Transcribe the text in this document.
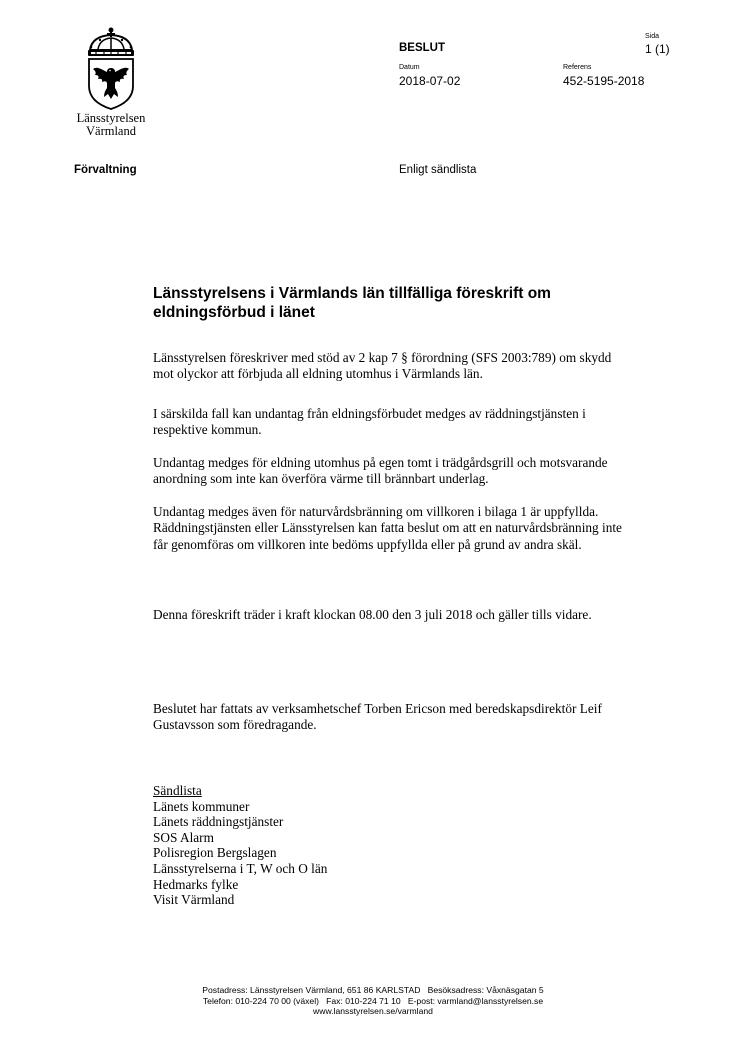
Länsstyrelsen
Värmland
Sida
1 (1)
BESLUT
Datum
2018-07-02
Referens
452-5195-2018
Förvaltning	Enligt sändlista
Länsstyrelsens i Värmlands län tillfälliga föreskrift om
eldningsförbud i länet

Länsstyrelsen föreskriver med stöd av 2 kap 7 § förordning (SFS 2003:789) om skydd mot olyckor att förbjuda all eldning utomhus i Värmlands län.

I särskilda fall kan undantag från eldningsförbudet medges av räddningstjänsten i respektive kommun.

Undantag medges för eldning utomhus på egen tomt i trädgårdsgrill och motsvarande anordning som inte kan överföra värme till brännbart underlag.

Undantag medges även för naturvårdsbränning om villkoren i bilaga 1 är uppfyllda. Räddningstjänsten eller Länsstyrelsen kan fatta beslut om att en naturvårdsbränning inte får genomföras om villkoren inte bedöms uppfyllda eller på grund av andra skäl.

Denna föreskrift träder i kraft klockan 08.00 den 3 juli 2018 och gäller tills vidare.

Beslutet har fattats av verksamhetschef Torben Ericson med beredskapsdirektör Leif Gustavsson som föredragande.

Sändlista
Länets kommuner
Länets räddningstjänster
SOS Alarm
Polisregion Bergslagen
Länsstyrelserna i T, W och O län
Hedmarks fylke
Visit Värmland
Postadress: Länsstyrelsen Värmland, 651 86 KARLSTAD   Besöksadress: Våxnäsgatan 5
Telefon: 010-224 70 00 (växel)   Fax: 010-224 71 10   E-post: varmland@lansstyrelsen.se
www.lansstyrelsen.se/varmland
